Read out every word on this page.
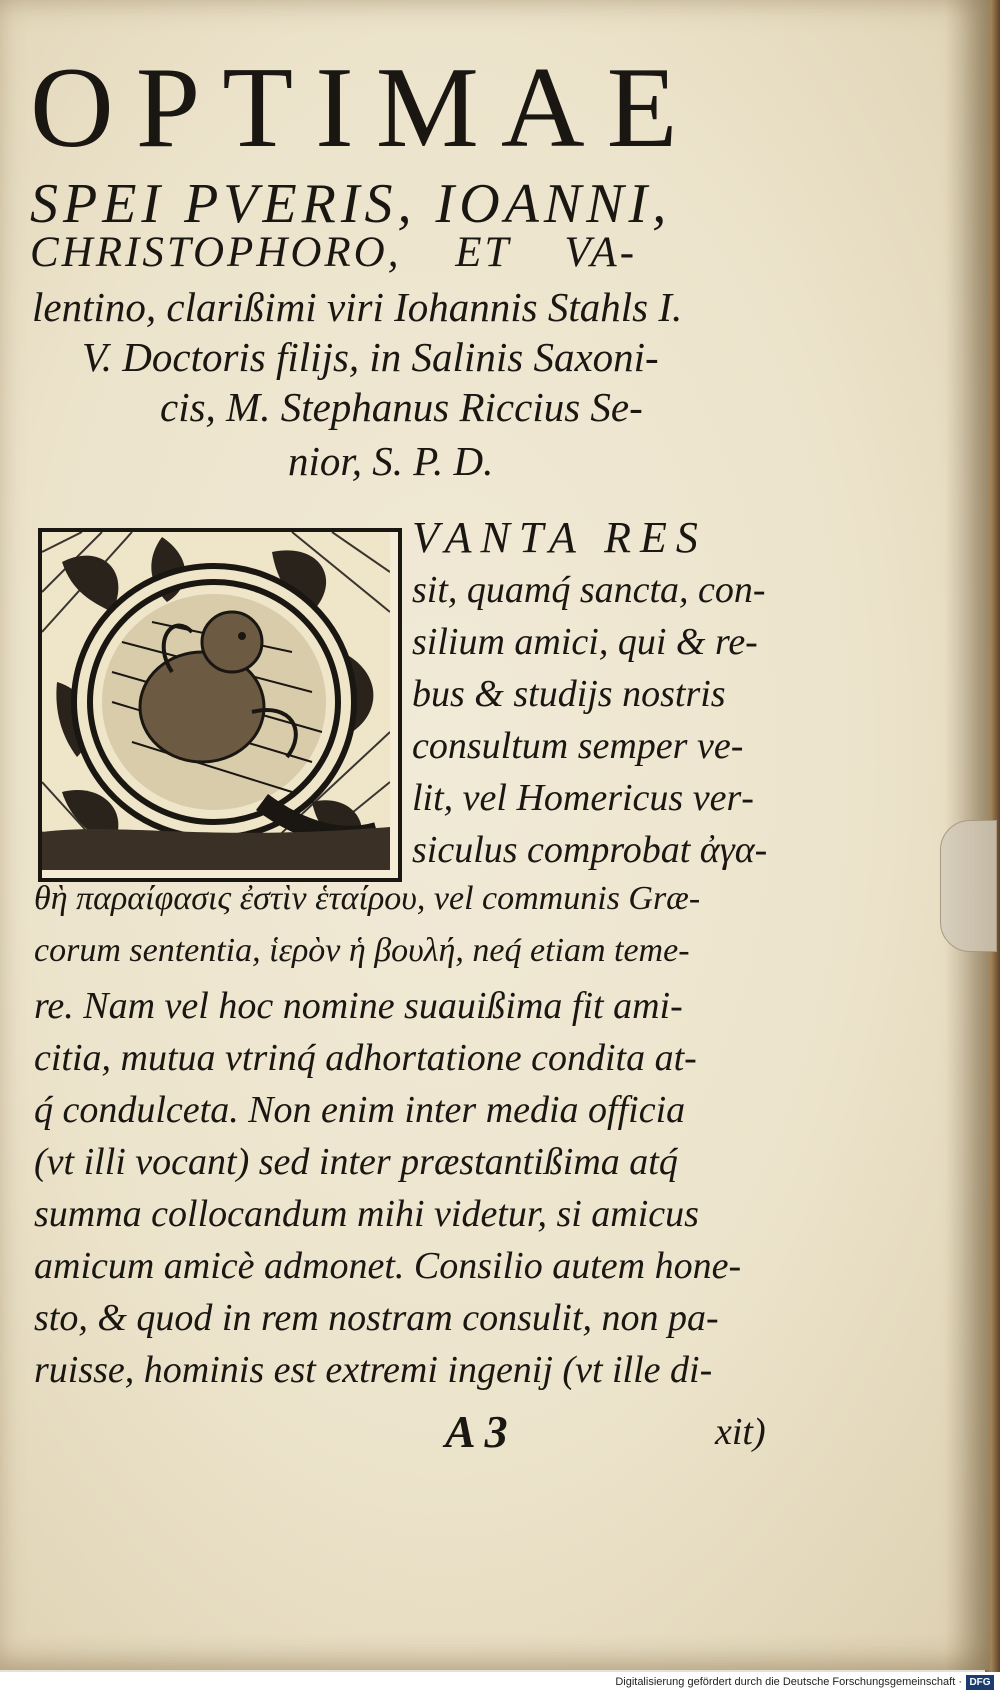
OPTIMAE
SPEI PVERIS, IOANNI,
CHRISTOPHORO, ET VA‑
lentino, clarißimi viri Iohannis Stahls I.
V. Doctoris filijs, in Salinis Saxoni‑
cis, M. Stephanus Riccius Se‑
nior, S. P. D.
VANTA RES
sit, quamq́ sancta, con‑
silium amici, qui & re‑
bus & studijs nostris
consultum semper ve‑
lit, vel Homericus ver‑
siculus comprobat ἀγα‑
θὴ παραίφασις ἐστὶν ἑταίρου, vel communis Græ‑
corum sententia, ἱερὸν ἡ βουλή, neq́ etiam teme‑
re. Nam vel hoc nomine suauißima fit ami‑
citia, mutua vtrinq́ adhortatione condita at‑
q́ condulceta. Non enim inter media officia
(vt illi vocant) sed inter præstantißima atq́
summa collocandum mihi videtur, si amicus
amicum amicè admonet. Consilio autem hone‑
sto, & quod in rem nostram consulit, non pa‑
ruisse, hominis est extremi ingenij (vt ille di‑
A 3	xit)
Digitalisierung gefördert durch die Deutsche Forschungsgemeinschaft · DFG
